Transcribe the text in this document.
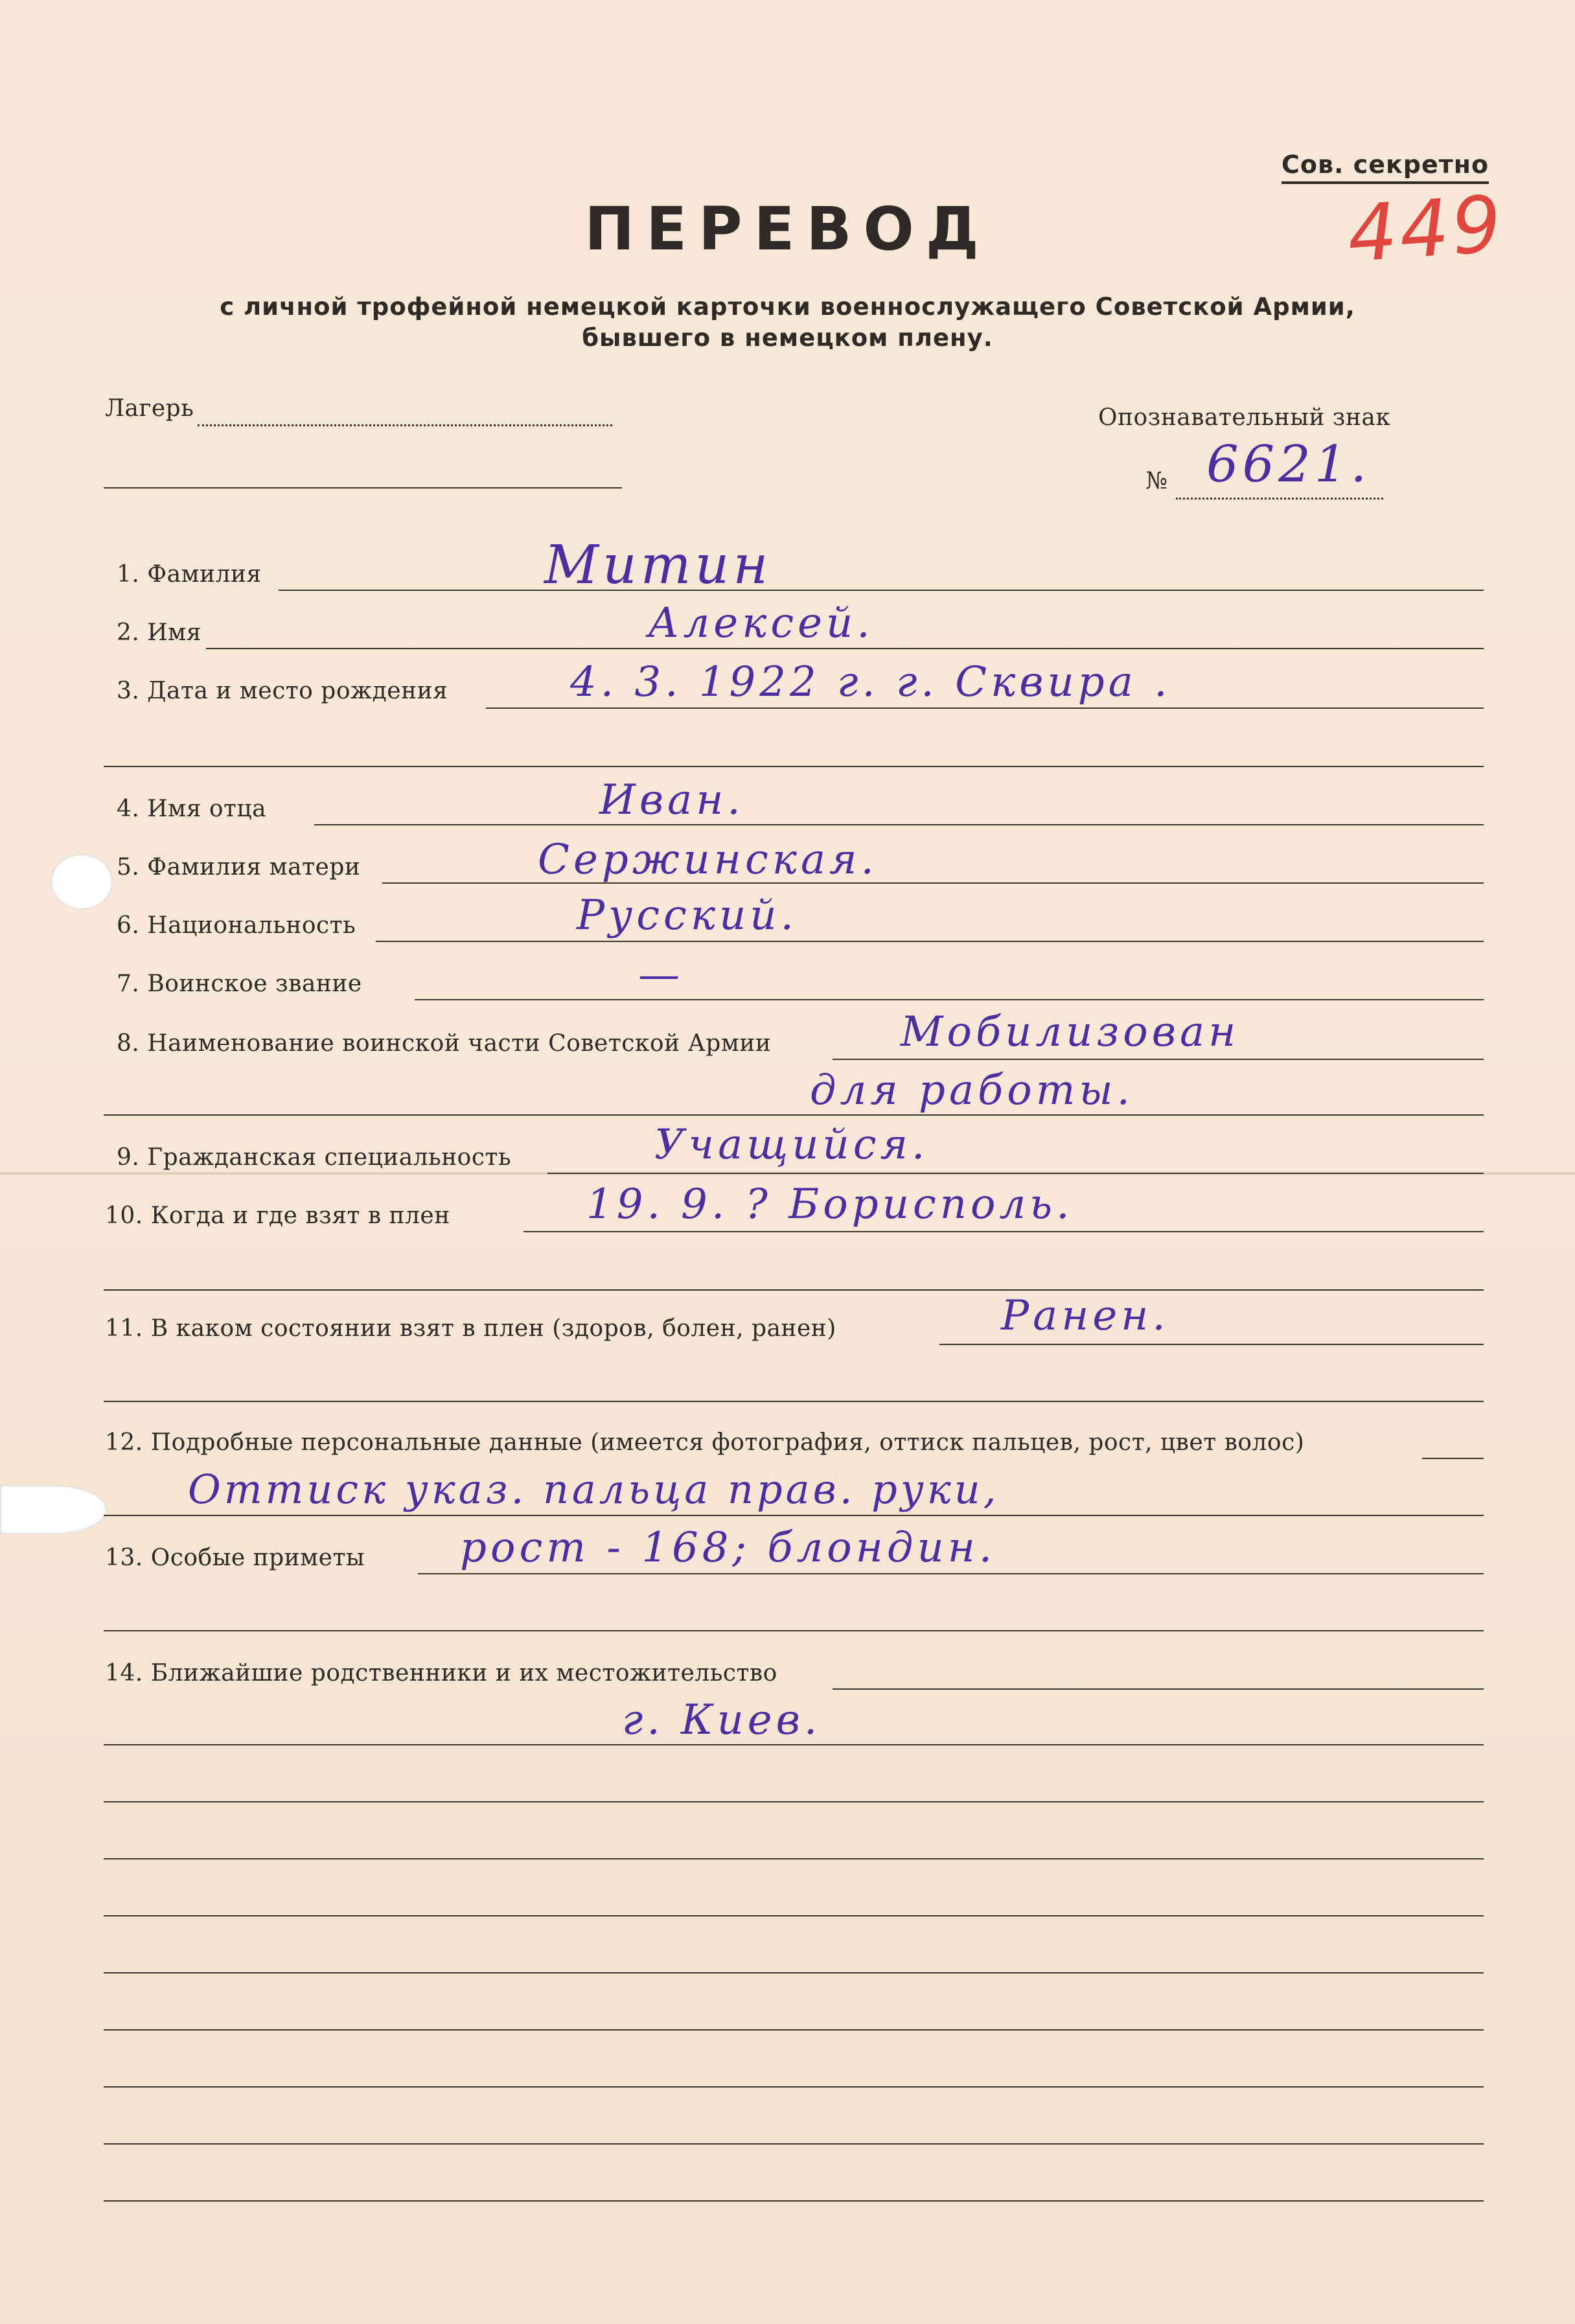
Сов. секретно
449
ПЕРЕВОД
с личной трофейной немецкой карточки военнослужащего Советской Армии,
бывшего в немецком плену.
Лагерь	Опознавательный знак
№ 6621.
1. Фамилия	Митин
2. Имя	Алексей.
3. Дата и место рождения	4. 3. 1922 г. г. Сквира .
4. Имя отца	Иван.
5. Фамилия матери	Сержинская.
6. Национальность	Русский.
7. Воинское звание	—
8. Наименование воинской части Советской Армии	Мобилизован
для работы.
9. Гражданская специальность	Учащийся.
10. Когда и где взят в плен	19. 9. ? Борисполь.
11. В каком состоянии взят в плен (здоров, болен, ранен)	Ранен.
12. Подробные персональные данные (имеется фотография, оттиск пальцев, рост, цвет волос)
Оттиск указ. пальца прав. руки,
13. Особые приметы рост - 168; блондин.
14. Ближайшие родственники и их местожительство
г. Киев.
